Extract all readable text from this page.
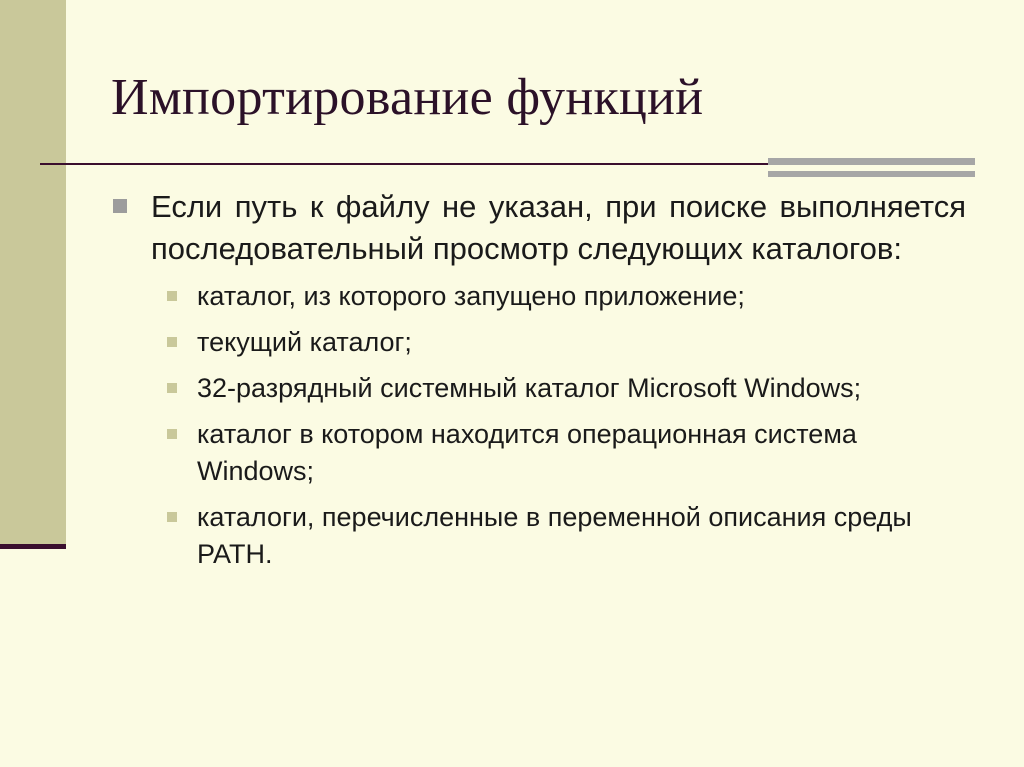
Импортирование функций
Если путь к файлу не указан, при поиске выполняется последовательный просмотр следующих каталогов:
каталог, из которого запущено приложение;
текущий каталог;
32-разрядный системный каталог Microsoft Windows;
каталог в котором находится операционная система Windows;
каталоги, перечисленные в переменной описания среды PATH.
